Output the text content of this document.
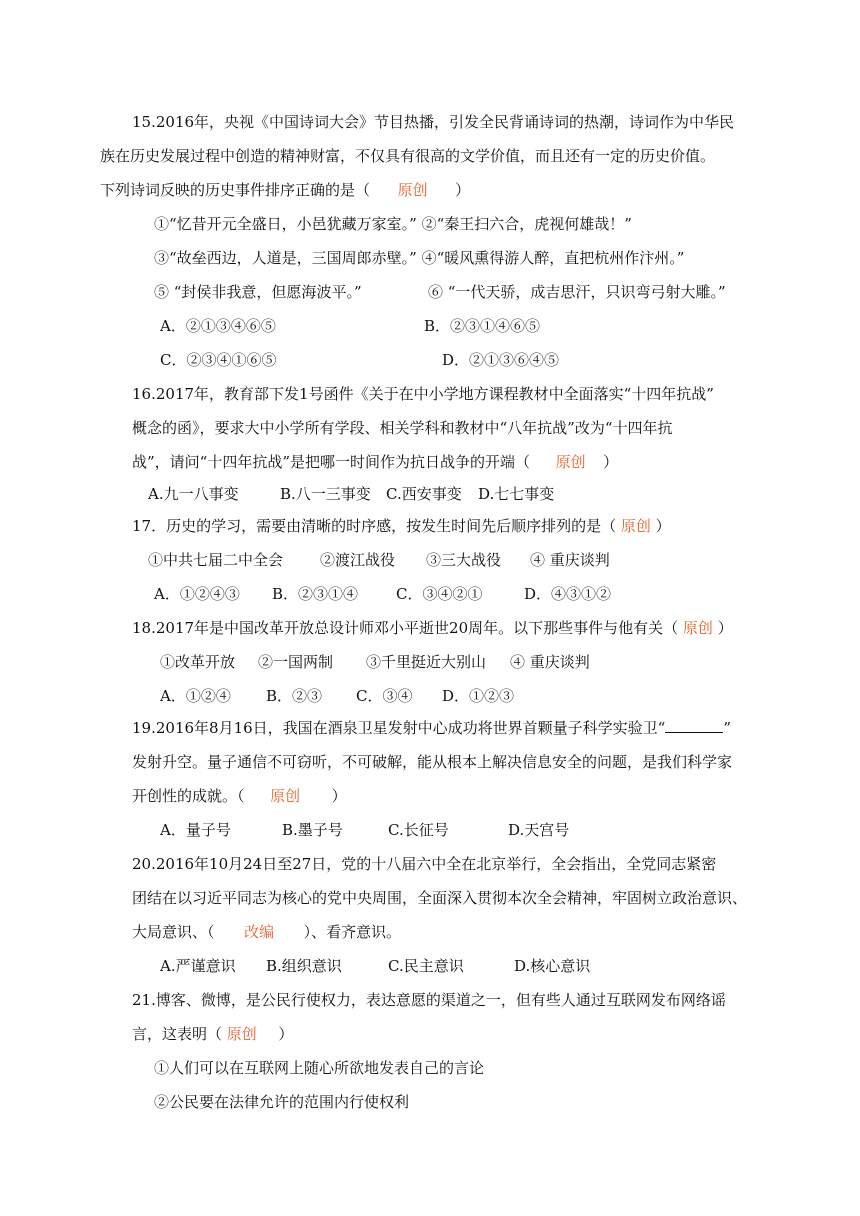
15.2016年，央视《中国诗词大会》节目热播，引发全民背诵诗词的热潮，诗词作为中华民
族在历史发展过程中创造的精神财富，不仅具有很高的文学价值，而且还有一定的历史价值。
下列诗词反映的历史事件排序正确的是（ 原创 ）
①“忆昔开元全盛日，小邑犹藏万家室。” ②“秦王扫六合，虎视何雄哉！”
③“故垒西边，人道是，三国周郎赤壁。” ④“暖风熏得游人醉，直把杭州作汴州。”
⑤ “封侯非我意，但愿海波平。”	⑥ “一代天骄，成吉思汗，只识弯弓射大雕。”
A．②①③④⑥⑤	B．②③①④⑥⑤
C．②③④①⑥⑤	D．②①③⑥④⑤
16.2017年，教育部下发1号函件《关于在中小学地方课程教材中全面落实“十四年抗战”
概念的函》，要求大中小学所有学段、相关学科和教材中“八年抗战”改为“十四年抗
战”，请问“十四年抗战”是把哪一时间作为抗日战争的开端（ 原创 ）
A.九一八事变	B.八一三事变 C.西安事变 D.七七事变
17．历史的学习，需要由清晰的时序感，按发生时间先后顺序排列的是（ 原创 ）
①中共七届二中全会 ②渡江战役 ③三大战役 ④ 重庆谈判
A．①②④③ B．②③①④	C．③④②①	D．④③①②
18.2017年是中国改革开放总设计师邓小平逝世20周年。以下那些事件与他有关（ 原创 ）
①改革开放 ②一国两制 ③千里挺近大别山 ④ 重庆谈判
A．①②④ B．②③ C．③④ D．①②③
19.2016年8月16日，我国在酒泉卫星发射中心成功将世界首颗量子科学实验卫“	”
发射升空。量子通信不可窃听，不可破解，能从根本上解决信息安全的问题，是我们科学家
开创性的成就。（ 原创 ）
A．量子号	B.墨子号	C.长征号	D.天宫号
20.2016年10月24日至27日，党的十八届六中全在北京举行，全会指出，全党同志紧密
团结在以习近平同志为核心的党中央周围，全面深入贯彻本次全会精神，牢固树立政治意识、
大局意识、（ 改编 ）、看齐意识。
A.严谨意识 B.组织意识	C.民主意识	D.核心意识
21.博客、微博，是公民行使权力，表达意愿的渠道之一，但有些人通过互联网发布网络谣
言，这表明（ 原创 ）
①人们可以在互联网上随心所欲地发表自己的言论
②公民要在法律允许的范围内行使权利
